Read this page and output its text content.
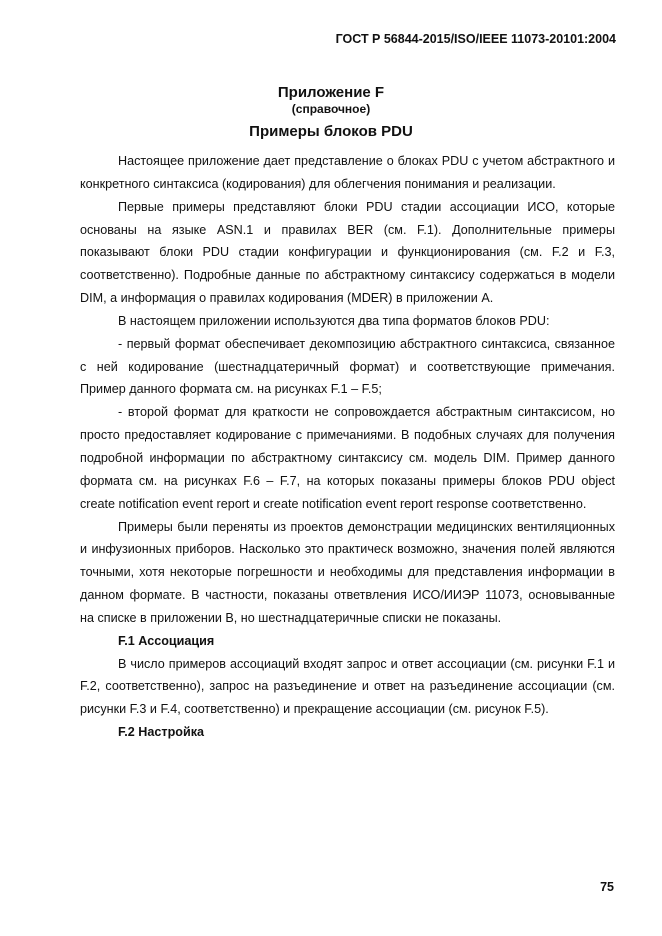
ГОСТ Р 56844-2015/ISO/IEEE 11073-20101:2004
Приложение F
(справочное)
Примеры блоков PDU

Настоящее приложение дает представление о блоках PDU с учетом абстрактного и конкретного синтаксиса (кодирования) для облегчения понимания и реализации.

Первые примеры представляют блоки PDU стадии ассоциации ИСО, которые основаны на языке ASN.1 и правилах BER (см. F.1). Дополнительные примеры показывают блоки PDU стадии конфигурации и функционирования (см. F.2 и F.3, соответственно). Подробные данные по абстрактному синтаксису содержаться в модели DIM, а информация о правилах кодирования (MDER) в приложении A.

В настоящем приложении используются два типа форматов блоков PDU:

- первый формат обеспечивает декомпозицию абстрактного синтаксиса, связанное с ней кодирование (шестнадцатеричный формат) и соответствующие примечания. Пример данного формата см. на рисунках F.1 – F.5;

- второй формат для краткости не сопровождается абстрактным синтаксисом, но просто предоставляет кодирование с примечаниями. В подобных случаях для получения подробной информации по абстрактному синтаксису см. модель DIM. Пример данного формата см. на рисунках F.6 – F.7, на которых показаны примеры блоков PDU object create notification event report и create notification event report response соответственно.

Примеры были переняты из проектов демонстрации медицинских вентиляционных и инфузионных приборов. Насколько это практическ возможно, значения полей являются точными, хотя некоторые погрешности и необходимы для представления информации в данном формате. В частности, показаны ответвления ИСО/ИИЭР 11073, основывaнные на списке в приложении B, но шестнадцатеричные списки не показаны.

F.1 Ассоциация

В число примеров ассоциаций входят запрос и ответ ассоциации (см. рисунки F.1 и F.2, соответственно), запрос на разъединение и ответ на разъединение ассоциации (см. рисунки F.3 и F.4, соответственно) и прекращение ассоциации (см. рисунок F.5).

F.2 Настройка

75
